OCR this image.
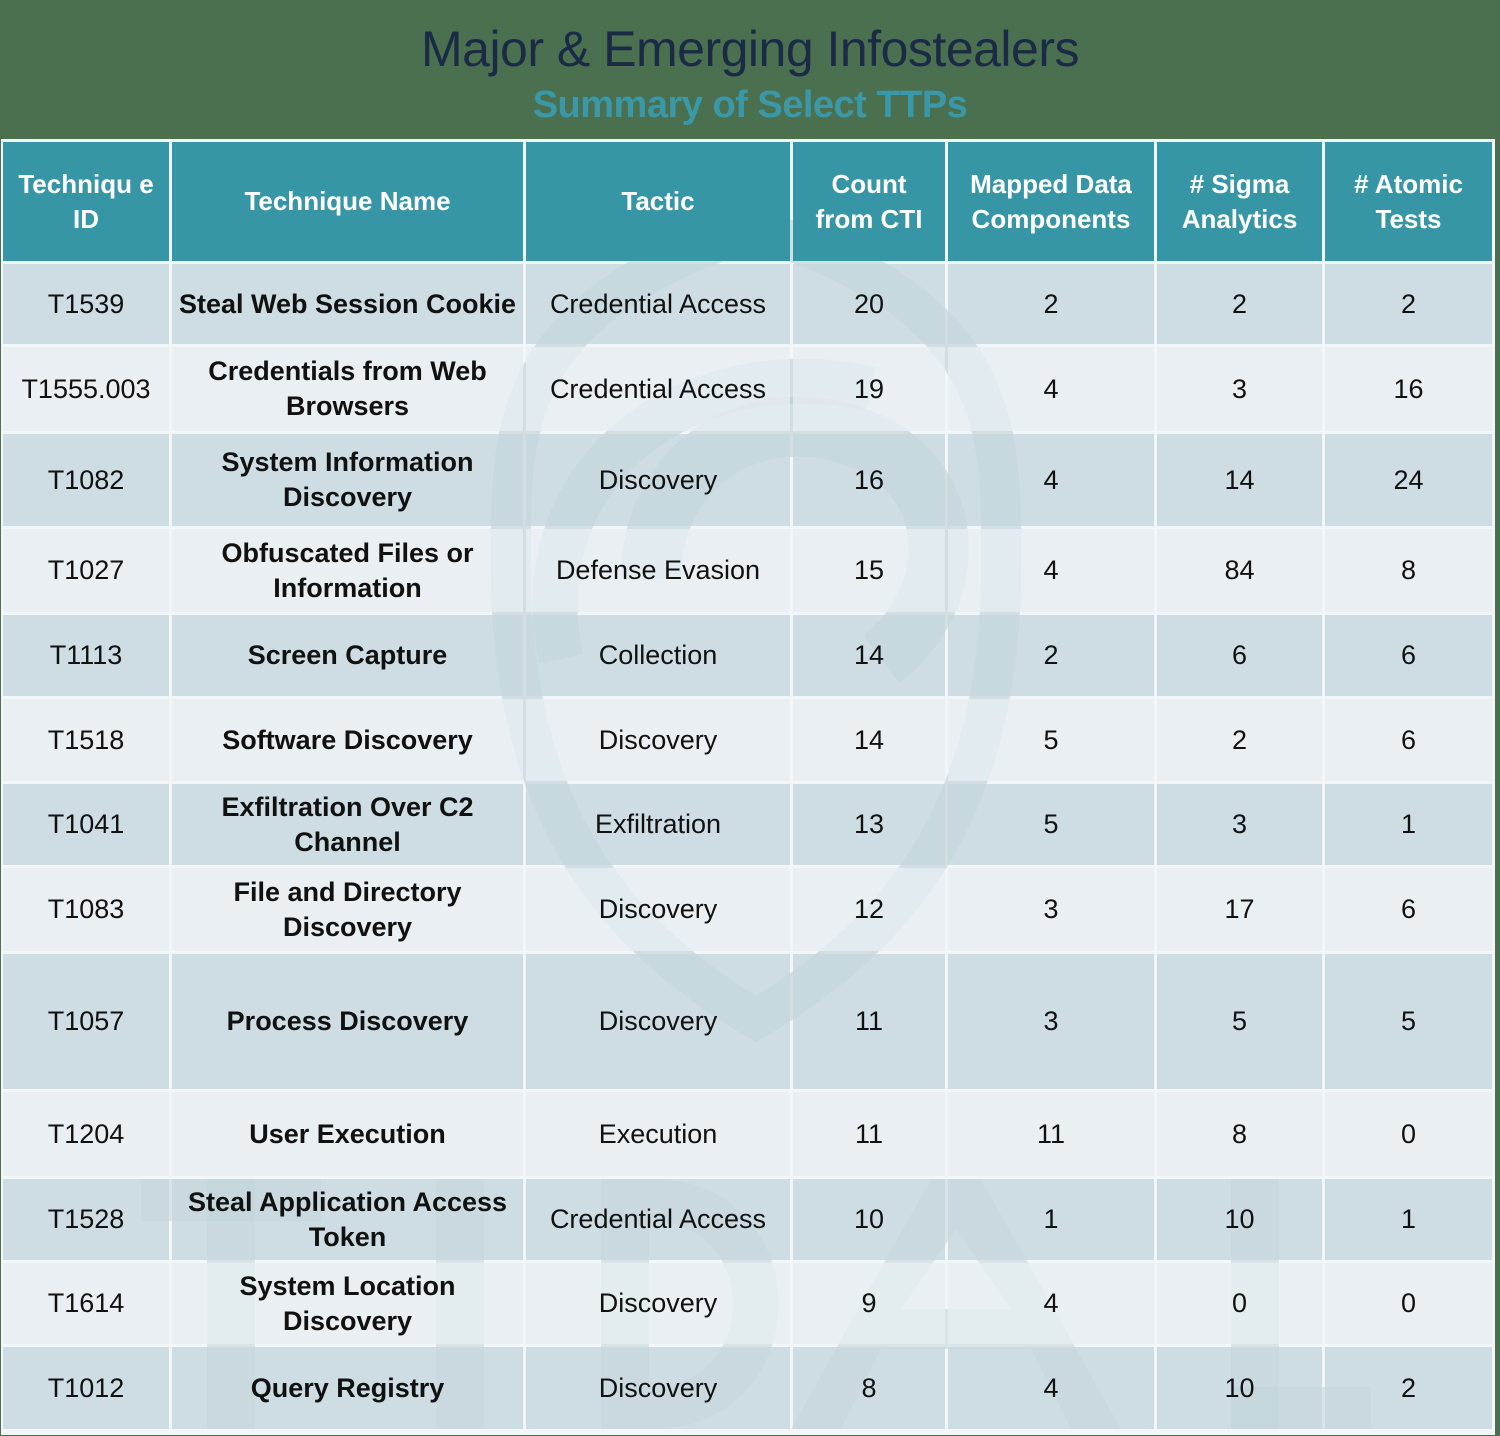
Major & Emerging Infostealers
Summary of Select TTPs
Techniqu e ID	Technique Name	Tactic	Count from CTI	Mapped Data Components	# Sigma Analytics	# Atomic Tests
T1539	Steal Web Session Cookie	Credential Access	20	2	2	2
T1555.003	Credentials from Web Browsers	Credential Access	19	4	3	16
T1082	System Information Discovery	Discovery	16	4	14	24
T1027	Obfuscated Files or Information	Defense Evasion	15	4	84	8
T1113	Screen Capture	Collection	14	2	6	6
T1518	Software Discovery	Discovery	14	5	2	6
T1041	Exfiltration Over C2 Channel	Exfiltration	13	5	3	1
T1083	File and Directory Discovery	Discovery	12	3	17	6
T1057	Process Discovery	Discovery	11	3	5	5
T1204	User Execution	Execution	11	11	8	0
T1528	Steal Application Access Token	Credential Access	10	1	10	1
T1614	System Location Discovery	Discovery	9	4	0	0
T1012	Query Registry	Discovery	8	4	10	2
